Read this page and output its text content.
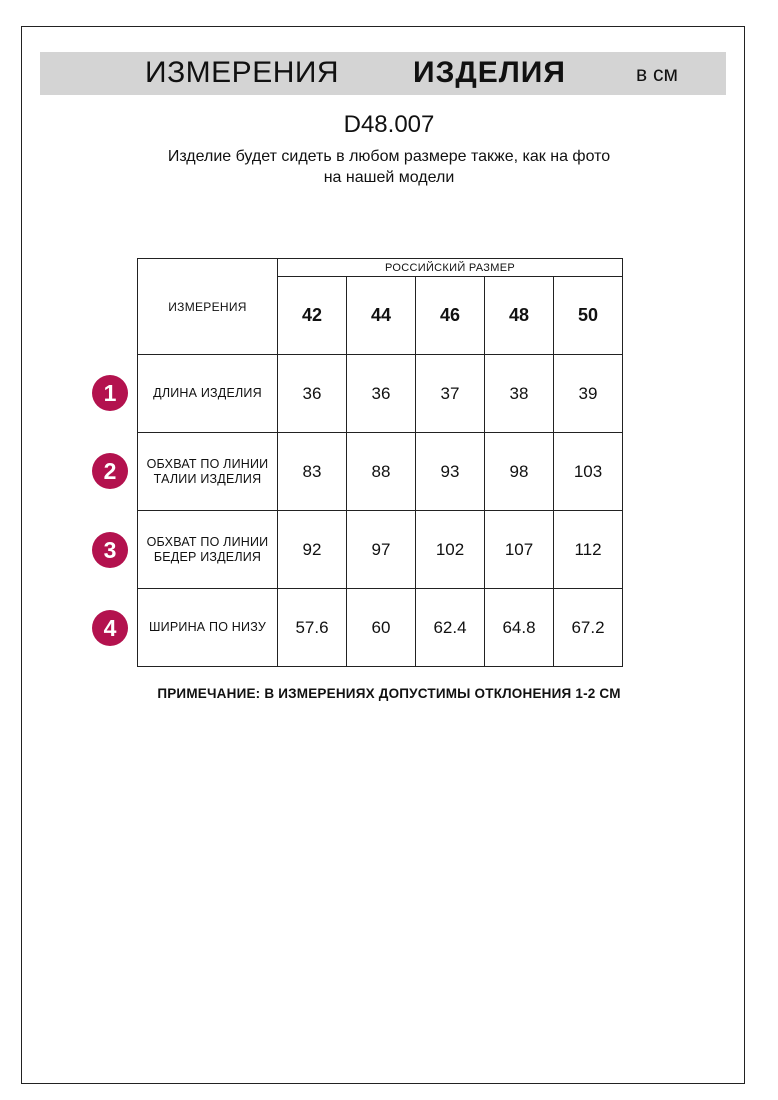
ИЗМЕРЕНИЯ ИЗДЕЛИЯ	в см
D48.007
Изделие будет сидеть в любом размере также, как на фото
на нашей модели
ИЗМЕРЕНИЯ	РОССИЙСКИЙ РАЗМЕР				
	42	44	46	48	50

ДЛИНА ИЗДЕЛИЯ	36	36	37	38	39

ОБХВАТ ПО ЛИНИИ
ТАЛИИ ИЗДЕЛИЯ	83	88	93	98	103

ОБХВАТ ПО ЛИНИИ
БЕДЕР ИЗДЕЛИЯ	92	97	102	107	112

ШИРИНА ПО НИЗУ	57.6	60	62.4	64.8	67.2
1
2
3
4
ПРИМЕЧАНИЕ: В ИЗМЕРЕНИЯХ ДОПУСТИМЫ ОТКЛОНЕНИЯ 1-2 СМ
